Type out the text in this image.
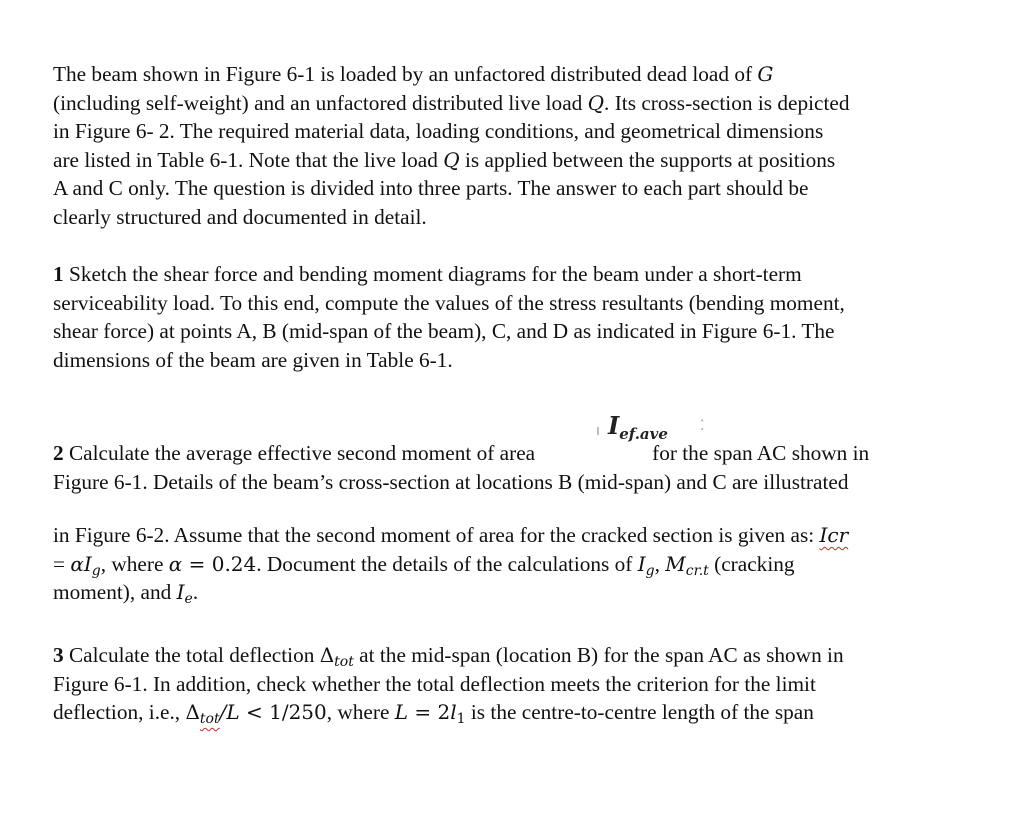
The beam shown in Figure 6-1 is loaded by an unfactored distributed dead load of G
(including self-weight) and an unfactored distributed live load Q. Its cross-section is depicted
in Figure 6- 2. The required material data, loading conditions, and geometrical dimensions
are listed in Table 6-1. Note that the live load Q is applied between the supports at positions
A and C only. The question is divided into three parts. The answer to each part should be
clearly structured and documented in detail.
1 Sketch the shear force and bending moment diagrams for the beam under a short-term
serviceability load. To this end, compute the values of the stress resultants (bending moment,
shear force) at points A, B (mid-span of the beam), C, and D as indicated in Figure 6-1. The
dimensions of the beam are given in Table 6-1.
ı $I_{ef.ave}$ ⁚
2 Calculate the average effective second moment of area	for the span AC shown in
Figure 6-1. Details of the beam’s cross-section at locations B (mid-span) and C are illustrated
in Figure 6-2. Assume that the second moment of area for the cracked section is given as: Icr
= $\alpha I_g$, where α = 0.24. Document the details of the calculations of $I_g$, $M_{cr.t}$ (cracking
moment), and $I_e$.
3 Calculate the total deflection $\Delta_{tot}$ at the mid-span (location B) for the span AC as shown in
Figure 6-1. In addition, check whether the total deflection meets the criterion for the limit
deflection, i.e., $\Delta_{tot}/L < 1/250$, where $L = 2l_1$ is the centre-to-centre length of the span
